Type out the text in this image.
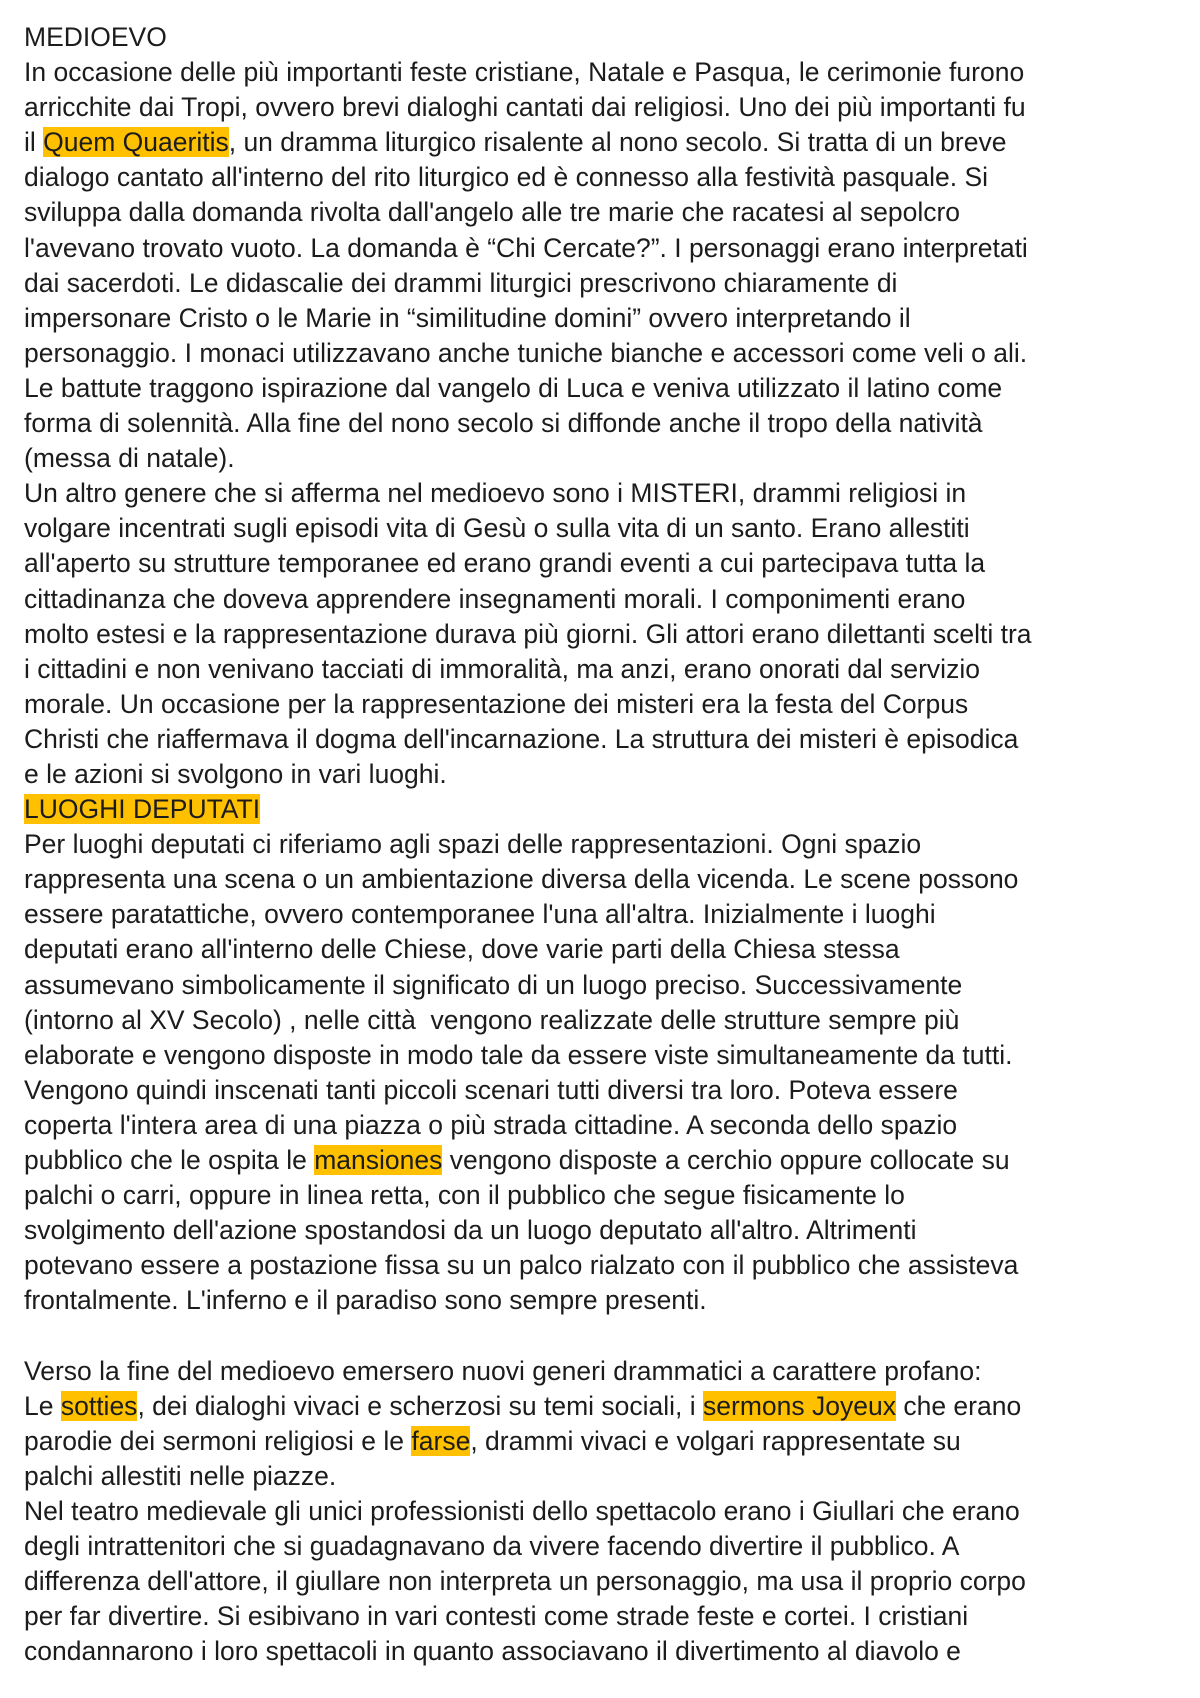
MEDIOEVO
In occasione delle più importanti feste cristiane, Natale e Pasqua, le cerimonie furono
arricchite dai Tropi, ovvero brevi dialoghi cantati dai religiosi. Uno dei più importanti fu
il Quem Quaeritis, un dramma liturgico risalente al nono secolo. Si tratta di un breve
dialogo cantato all'interno del rito liturgico ed è connesso alla festività pasquale. Si
sviluppa dalla domanda rivolta dall'angelo alle tre marie che racatesi al sepolcro
l'avevano trovato vuoto. La domanda è “Chi Cercate?”. I personaggi erano interpretati
dai sacerdoti. Le didascalie dei drammi liturgici prescrivono chiaramente di
impersonare Cristo o le Marie in “similitudine domini” ovvero interpretando il
personaggio. I monaci utilizzavano anche tuniche bianche e accessori come veli o ali.
Le battute traggono ispirazione dal vangelo di Luca e veniva utilizzato il latino come
forma di solennità. Alla fine del nono secolo si diffonde anche il tropo della natività
(messa di natale).
Un altro genere che si afferma nel medioevo sono i MISTERI, drammi religiosi in
volgare incentrati sugli episodi vita di Gesù o sulla vita di un santo. Erano allestiti
all'aperto su strutture temporanee ed erano grandi eventi a cui partecipava tutta la
cittadinanza che doveva apprendere insegnamenti morali. I componimenti erano
molto estesi e la rappresentazione durava più giorni. Gli attori erano dilettanti scelti tra
i cittadini e non venivano tacciati di immoralità, ma anzi, erano onorati dal servizio
morale. Un occasione per la rappresentazione dei misteri era la festa del Corpus
Christi che riaffermava il dogma dell'incarnazione. La struttura dei misteri è episodica
e le azioni si svolgono in vari luoghi.
LUOGHI DEPUTATI
Per luoghi deputati ci riferiamo agli spazi delle rappresentazioni. Ogni spazio
rappresenta una scena o un ambientazione diversa della vicenda. Le scene possono
essere paratattiche, ovvero contemporanee l'una all'altra. Inizialmente i luoghi
deputati erano all'interno delle Chiese, dove varie parti della Chiesa stessa
assumevano simbolicamente il significato di un luogo preciso. Successivamente
(intorno al XV Secolo) , nelle città  vengono realizzate delle strutture sempre più
elaborate e vengono disposte in modo tale da essere viste simultaneamente da tutti.
Vengono quindi inscenati tanti piccoli scenari tutti diversi tra loro. Poteva essere
coperta l'intera area di una piazza o più strada cittadine. A seconda dello spazio
pubblico che le ospita le mansiones vengono disposte a cerchio oppure collocate su
palchi o carri, oppure in linea retta, con il pubblico che segue fisicamente lo
svolgimento dell'azione spostandosi da un luogo deputato all'altro. Altrimenti
potevano essere a postazione fissa su un palco rialzato con il pubblico che assisteva
frontalmente. L'inferno e il paradiso sono sempre presenti.
Verso la fine del medioevo emersero nuovi generi drammatici a carattere profano:
Le sotties, dei dialoghi vivaci e scherzosi su temi sociali, i sermons Joyeux che erano
parodie dei sermoni religiosi e le farse, drammi vivaci e volgari rappresentate su
palchi allestiti nelle piazze.
Nel teatro medievale gli unici professionisti dello spettacolo erano i Giullari che erano
degli intrattenitori che si guadagnavano da vivere facendo divertire il pubblico. A
differenza dell'attore, il giullare non interpreta un personaggio, ma usa il proprio corpo
per far divertire. Si esibivano in vari contesti come strade feste e cortei. I cristiani
condannarono i loro spettacoli in quanto associavano il divertimento al diavolo e
